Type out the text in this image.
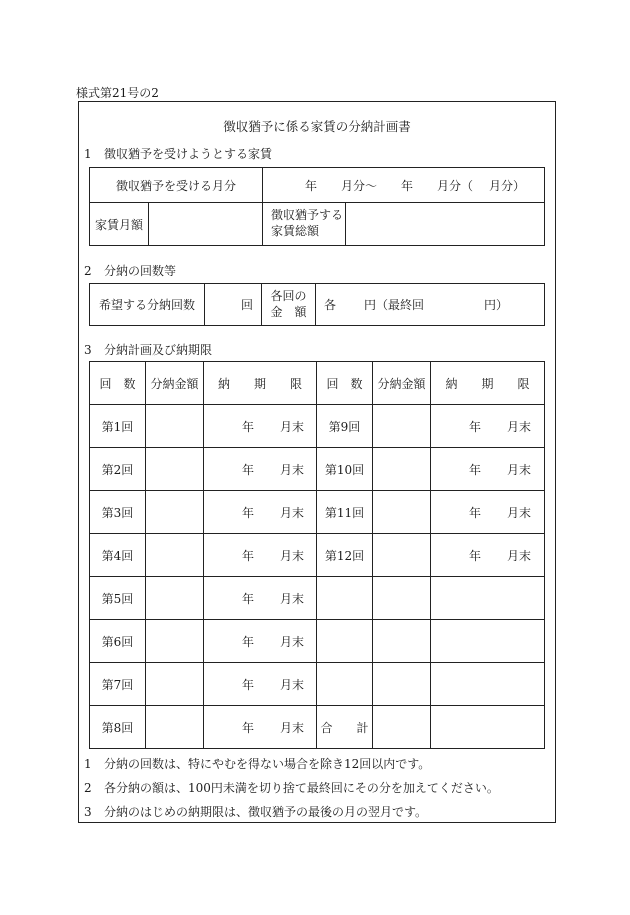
様式第21号の2
徴収猶予に係る家賃の分納計画書
1 徴収猶予を受けようとする家賃
徴収猶予を受ける月分		年 月分〜 年 月分（ 月分）	
家賃月額		徴収猶予する
家賃総額	

2 分納の回数等
希望する分納回数	回	
各回の
金　額	各 円（最終回	円）
3 分納計画及び納期限
回　数	分納金額	納　　期　　限	回　数	分納金額	納　　期　　限
第1回		年 月末	第9回		年 月末
第2回		年 月末	第10回		年 月末
第3回		年 月末	第11回		年 月末
第4回		年 月末	第12回		年 月末
第5回		年 月末			
第6回		年 月末			
第7回		年 月末			
第8回		年 月末	合　　計		
1 分納の回数は、特にやむを得ない場合を除き12回以内です。
2 各分納の額は、100円未満を切り捨て最終回にその分を加えてください。
3 分納のはじめの納期限は、徴収猶予の最後の月の翌月です。
